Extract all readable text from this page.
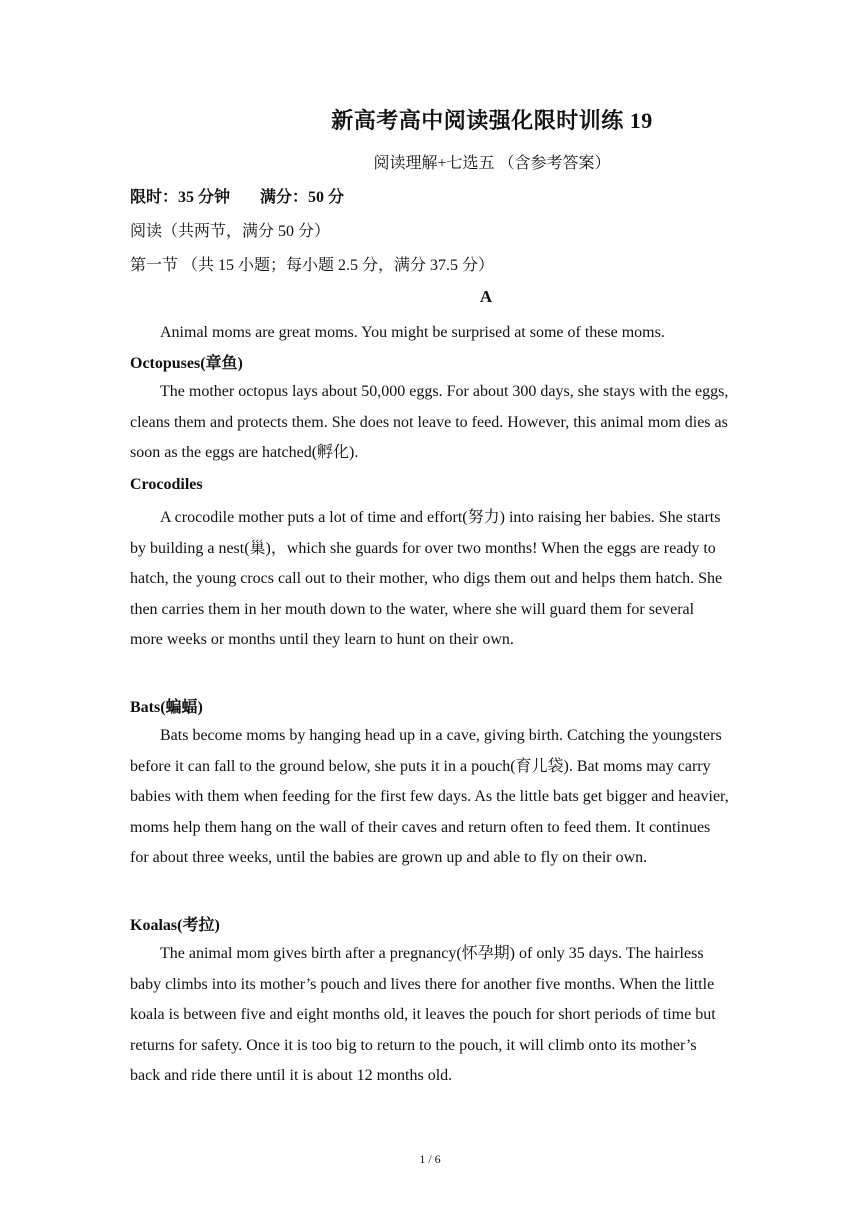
新高考高中阅读强化限时训练 19
阅读理解+七选五 （含参考答案）
限时：35 分钟 满分：50 分
阅读（共两节，满分 50 分）
第一节 （共 15 小题；每小题 2.5 分，满分 37.5 分）
A
Animal moms are great moms. You might be surprised at some of these moms.
Octopuses(章鱼)
The mother octopus lays about 50,000 eggs. For about 300 days, she stays with the eggs, cleans them and protects them. She does not leave to feed. However, this animal mom dies as soon as the eggs are hatched(孵化).
Crocodiles
A crocodile mother puts a lot of time and effort(努力) into raising her babies. She starts by building a nest(巢)，which she guards for over two months! When the eggs are ready to hatch, the young crocs call out to their mother, who digs them out and helps them hatch. She then carries them in her mouth down to the water, where she will guard them for several more weeks or months until they learn to hunt on their own.
Bats(蝙蝠)
Bats become moms by hanging head up in a cave, giving birth. Catching the youngsters before it can fall to the ground below, she puts it in a pouch(育儿袋). Bat moms may carry babies with them when feeding for the first few days. As the little bats get bigger and heavier, moms help them hang on the wall of their caves and return often to feed them. It continues for about three weeks, until the babies are grown up and able to fly on their own.
Koalas(考拉)
The animal mom gives birth after a pregnancy(怀孕期) of only 35 days. The hairless baby climbs into its mother’s pouch and lives there for another five months. When the little koala is between five and eight months old, it leaves the pouch for short periods of time but returns for safety. Once it is too big to return to the pouch, it will climb onto its mother’s back and ride there until it is about 12 months old.
1 / 6
